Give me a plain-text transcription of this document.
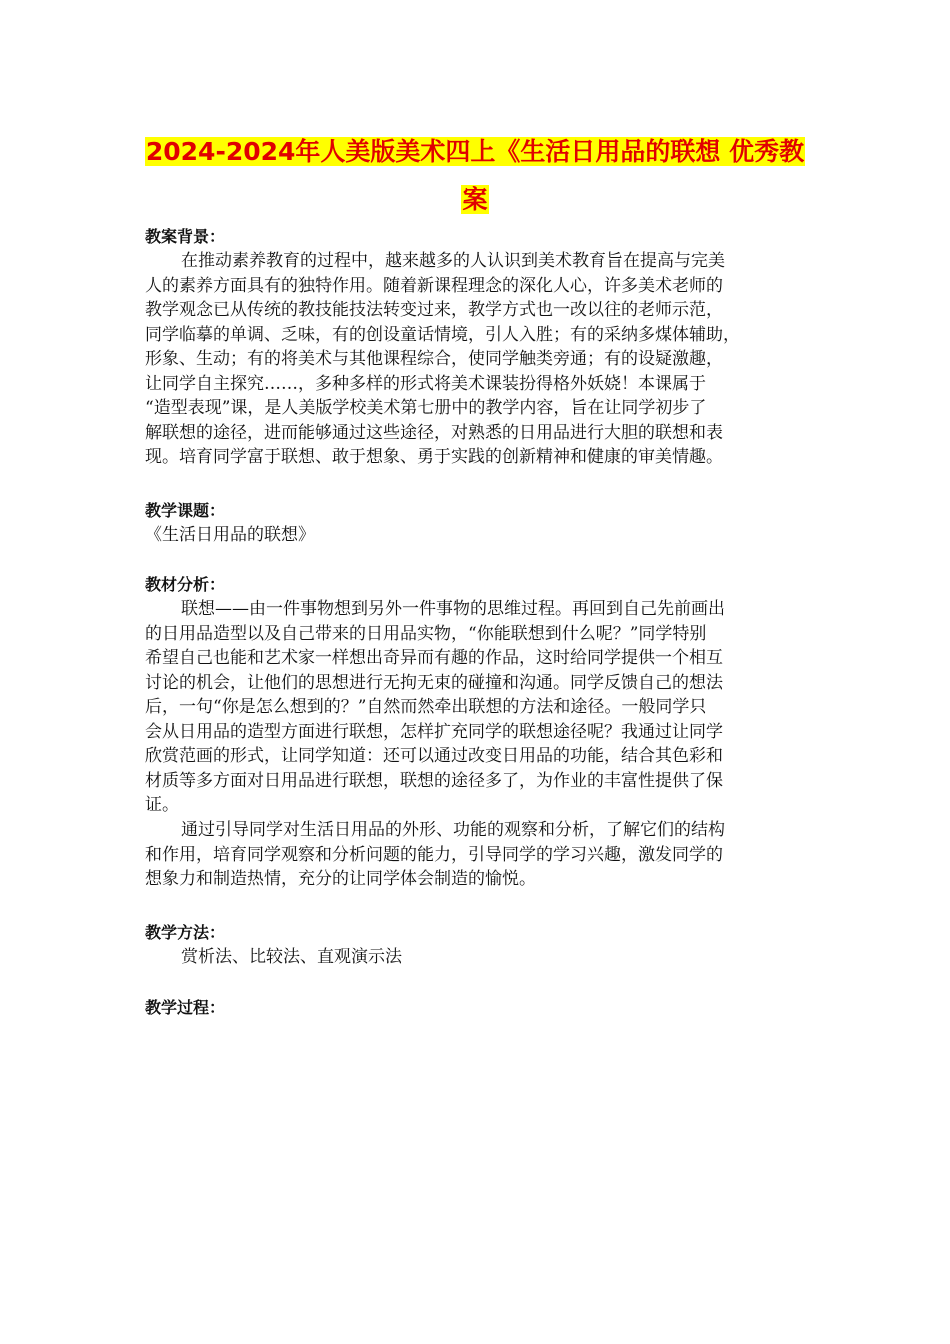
2024-2024年人美版美术四上《生活日用品的联想 优秀教
案
教案背景：
在推动素养教育的过程中，越来越多的人认识到美术教育旨在提高与完美
人的素养方面具有的独特作用。随着新课程理念的深化人心，许多美术老师的
教学观念已从传统的教技能技法转变过来，教学方式也一改以往的老师示范，
同学临摹的单调、乏味，有的创设童话情境，引人入胜；有的采纳多煤体辅助，
形象、生动；有的将美术与其他课程综合，使同学触类旁通；有的设疑激趣，
让同学自主探究……，多种多样的形式将美术课装扮得格外妖娆！本课属于
“造型表现”课，是人美版学校美术第七册中的教学内容，旨在让同学初步了
解联想的途径，进而能够通过这些途径，对熟悉的日用品进行大胆的联想和表
现。培育同学富于联想、敢于想象、勇于实践的创新精神和健康的审美情趣。
教学课题：
《生活日用品的联想》
教材分析：
联想——由一件事物想到另外一件事物的思维过程。再回到自己先前画出
的日用品造型以及自己带来的日用品实物，“你能联想到什么呢？”同学特别
希望自己也能和艺术家一样想出奇异而有趣的作品，这时给同学提供一个相互
讨论的机会，让他们的思想进行无拘无束的碰撞和沟通。同学反馈自己的想法
后，一句“你是怎么想到的？”自然而然牵出联想的方法和途径。一般同学只
会从日用品的造型方面进行联想，怎样扩充同学的联想途径呢？我通过让同学
欣赏范画的形式，让同学知道：还可以通过改变日用品的功能，结合其色彩和
材质等多方面对日用品进行联想，联想的途径多了，为作业的丰富性提供了保
证。
通过引导同学对生活日用品的外形、功能的观察和分析，了解它们的结构
和作用，培育同学观察和分析问题的能力，引导同学的学习兴趣，激发同学的
想象力和制造热情，充分的让同学体会制造的愉悦。
教学方法：
赏析法、比较法、直观演示法
教学过程：
